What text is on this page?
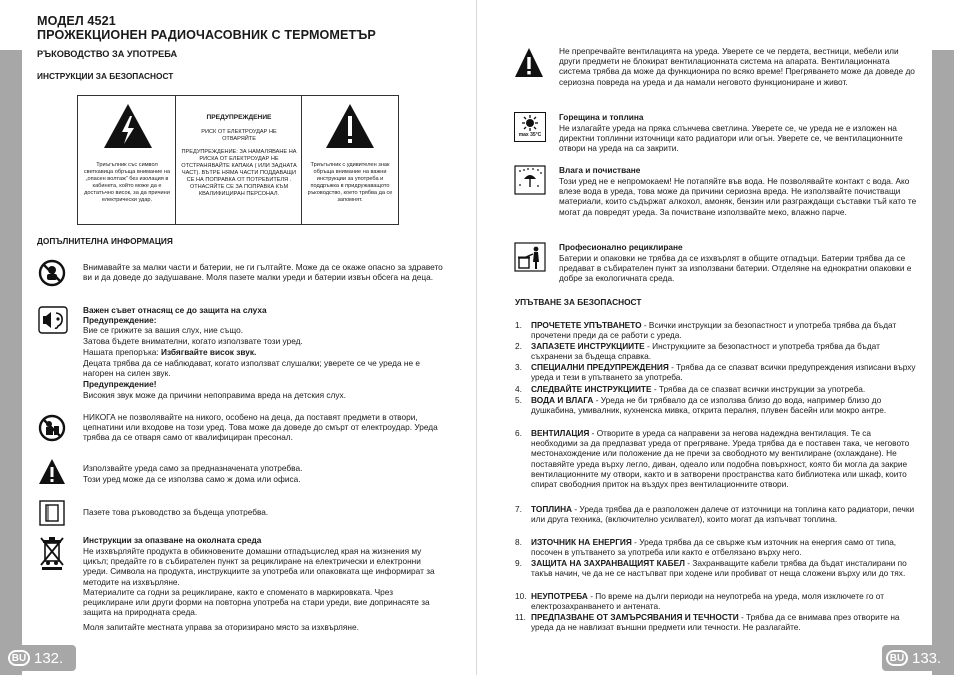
МОДЕЛ 4521
ПРОЖЕКЦИОНЕН РАДИОЧАСОВНИК С ТЕРМОМЕТЪР
РЪКОВОДСТВО ЗА УПОТРЕБА
ИНСТРУКЦИИ ЗА БЕЗОПАСНОСТ
Триъгълник със символ светкавица обръща внимание на „опасен волтаж“ без изолация в кабинета, който може да е достатъчно висок, за да причини електрически удар.
ПРЕДУПРЕЖДЕНИЕ
РИСК ОТ ЕЛЕКТРОУДАР НЕ ОТВАРЯЙТЕ
ПРЕДУПРЕЖДЕНИЕ: ЗА НАМАЛЯВАНЕ НА РИСКА ОТ ЕЛЕКТРОУДАР НЕ ОТСТРАНЯВАЙТЕ КАПАКА ( ИЛИ ЗАДНАТА ЧАСТ). ВЪТРЕ НЯМА ЧАСТИ ПОДДАВАЩИ СЕ НА ПОПРАВКА ОТ ПОТРЕБИТЕЛЯ . ОТНАСЯЙТЕ СЕ ЗА ПОПРАВКА КЪМ КВАЛИФИЦИРАН ПЕРСОНАЛ.
Триъгълник с удивителен знак обръща внимание на важни инструкции за употреба и поддръжка в придружаващото ръководство, което трябва да се запомнят.
ДОПЪЛНИТЕЛНА ИНФОРМАЦИЯ
Внимавайте за малки части и батерии, не ги гълтайте. Може да се окаже опасно за здравето ви и да доведе до задушаване. Моля пазете малки уреди и батерии извън обсега на деца.
Важен съвет отнасящ се до защита на слуха
Предупреждение:
Вие се грижите за вашия слух, ние също.
Затова бъдете внимателни, когато използвате този уред.
Нашата препоръка: Избягвайте висок звук.
Децата трябва да се наблюдават, когато използват слушалки; уверете се че уреда не е нагорен на силен звук.
Предупреждение!
Високия звук може да причини непоправима вреда на детския слух.
НИКОГА не позволявайте на никого, особено на деца, да поставят предмети в отвори, цепнатини или входове на този уред. Това може да доведе до смърт от електроудар. Уреда трябва да се отваря само от квалифициран пресонал.
Използвайте уреда само за предназначената употребва.
Този уред може да се използва само ж дома или офиса.
Пазете това ръководство за бъдеща употребва.
Инструкции за опазване на околната среда
Не изхвърляйте продукта в обикновените домашни отпадъцислед края на жизнения му цикъл; предайте го в събирателен пункт за рециклиране на електрически и електронни уреди. Символа на продукта, инструкциите за употреба или опаковката ще информират за методите на изхвърляне.
Материалите са годни за рециклиране, както е споменато в маркировката. Чрез рециклиране или други форми на повторна употреба на стари уреди, вие допринасяте за защита на природната среда.
Моля запитайте местната управа за оторизирано място за изхвърляне.
BU 132.
Не препречвайте вентилацията на уреда. Уверете се че пердета, вестници, мебели или други предмети не блокират вентилационната система на апарата. Вентилационната система трябва да може да функционира по всяко време! Прегряването може да доведе до сериозна повреда на уреда и да намали неговото функциониране и живот.
max 35°C
Горещина и топлина
Не излагайте уреда на пряка слънчева светлина. Уверете се, че уреда не е изложен на директни топлинни източници като радиатори или огън. Уверете се, че вентилационните отвори на уреда на са закрити.
Влага и почистване
Този уред не е непромокаем! Не потапяйте във вода. Не позволявайте контакт с вода. Ако влезе вода в уреда, това може да причини сериозна вреда. Не използвайте почистващи материали, които съдържат алкохол, амоняк, бензин или разграждащи съставки тъй като те могат да повредят уреда. За почистване използвайте меко, влажно парче.
Професионално рециклиране
Батерии и опаковки не трябва да се изхвърлят в общите отпадъци. Батерии трябва да се предават в събирателен пункт за използвани батерии. Отделяне на еднократни опаковки е добре за екологичната среда.
УПЪТВАНЕ ЗА БЕЗОПАСНОСТ
1.	ПРОЧЕТЕТЕ УПЪТВАНЕТО - Всички инструкции за безопастност и употреба трябва да бъдат прочетени преди да се работи с уреда.
2.	ЗАПАЗЕТЕ ИНСТРУКЦИИТЕ - Инструкциите за безопастност и употреба трябва да бъдат съхранени за бъдеща справка.
3.	СПЕЦИАЛНИ ПРЕДУПРЕЖДЕНИЯ - Трябва да се спазват всички предупреждения изписани върху уреда и тези в упътването за употреба.
4.	СЛЕДВАЙТЕ ИНСТРУКЦИИТЕ - Трябва да се спазват всички инструкции за употреба.
5.	ВОДА И ВЛАГА - Уреда не би трябвало да се използва близо до вода, например близо до душкабина, умивалник, кухненска мивка, открита пералня, плувен басейн или мокро антре.
6.	ВЕНТИЛАЦИЯ - Отворите в уреда са направени за негова надеждна вентилация. Те са необходими за да предпазват уреда от прегряване. Уреда трябва да е поставен така, че неговото местонахождение или положение да не пречи за свободното му вентилиране (охлаждане). Не поставяйте уреда върху легло, диван, одеало или подобна повърхност, която би могла да закрие вентилационните му отвори, както и в затворени пространства като библиотека или шкаф, които спират свободния приток на въздух през вентилационните отвори.
7.	ТОПЛИНА - Уреда трябва да е разположен далече от източници на топлина като радиатори, печки или друга техника, (включително усилвател), които могат да изпъчват топлина.
8.	ИЗТОЧНИК НА ЕНЕРГИЯ - Уреда трябва да се свърже към източник на енергия само от типа, посочен в упътването за употреба или както е отбелязано върху него.
9.	ЗАЩИТА НА ЗАХРАНВАЩИЯТ КАБЕЛ - Захранващите кабели трябва да бъдат инсталирани по такъв начин, че да не се настъпват при ходене или пробиват от неща сложени върху или до тях.
10. НЕУПОТРЕБА - По време на дълги периоди на неупотреба на уреда, моля изключете го от електрозахранването и антената.
11. ПРЕДПАЗВАНЕ ОТ ЗАМЪРСЯВАНИЯ И ТЕЧНОСТИ - Трябва да се внимава през отворите на уреда да не навлизат външни предмети или течности. Не разлагайте.
BU 133.
